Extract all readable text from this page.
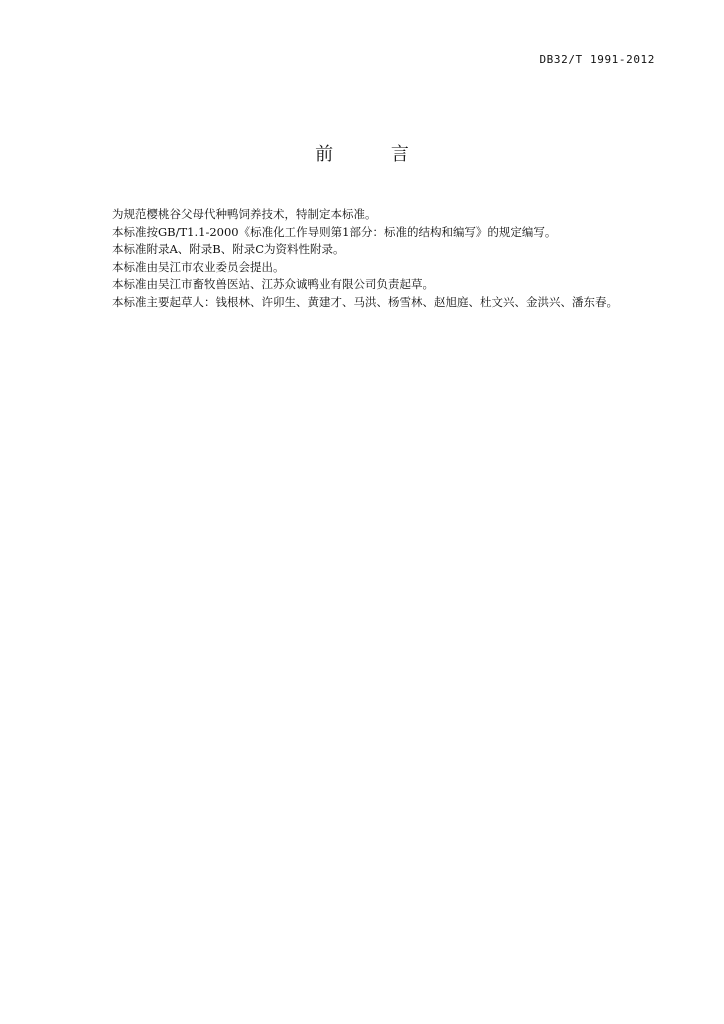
DB32/T 1991-2012
前 言
为规范樱桃谷父母代种鸭饲养技术，特制定本标准。
本标准按GB/T1.1-2000《标准化工作导则第1部分：标准的结构和编写》的规定编写。
本标准附录A、附录B、附录C为资料性附录。
本标准由吴江市农业委员会提出。
本标准由吴江市畜牧兽医站、江苏众诚鸭业有限公司负责起草。
本标准主要起草人：钱根林、许卯生、黄建才、马洪、杨雪林、赵旭庭、杜文兴、金洪兴、潘东春。
